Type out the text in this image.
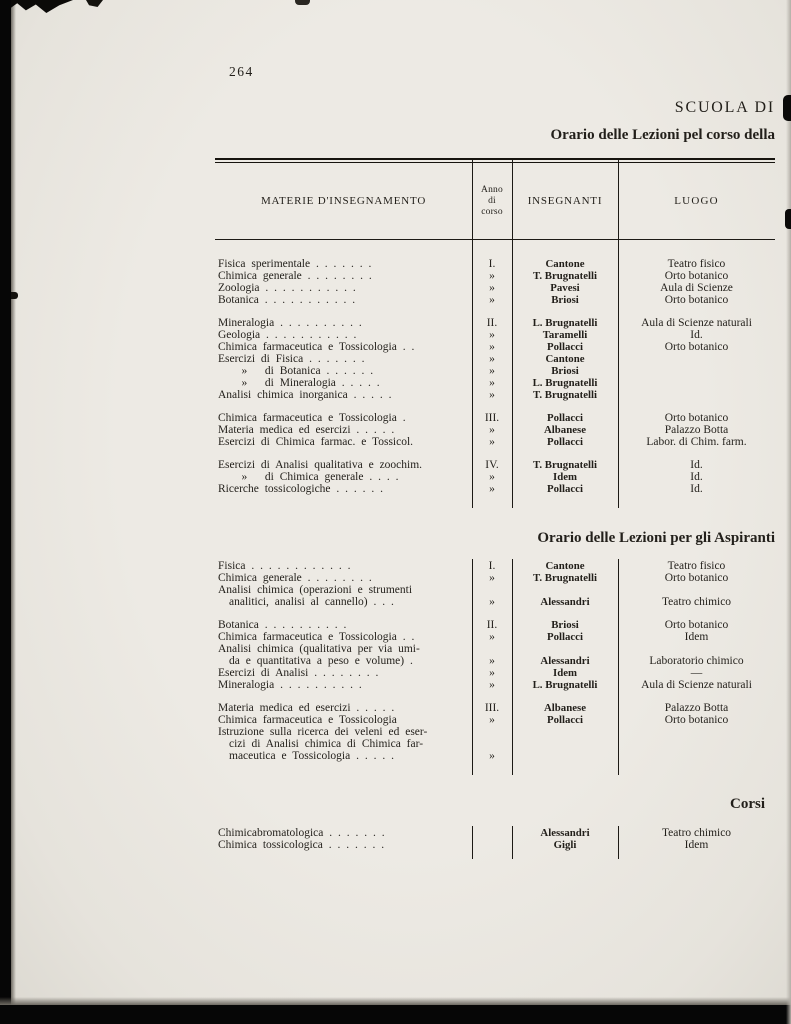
264
SCUOLA DI
Orario delle Lezioni pel corso della
MATERIE D'INSEGNAMENTO
Anno
di
corso
INSEGNANTI	LUOGO
Fisica sperimentale . . . . . . .	I.	Cantone	Teatro fisico
Chimica generale . . . . . . . .	»	T. Brugnatelli	Orto botanico
Zoologia . . . . . . . . . . .	»	Pavesi	Aula di Scienze
Botanica . . . . . . . . . . .	»	Briosi	Orto botanico
Mineralogia . . . . . . . . . .	II.	L. Brugnatelli	Aula di Scienze naturali
Geologia . . . . . . . . . . .	»	Taramelli	Id.
Chimica farmaceutica e Tossicologia . .	»	Pollacci	Orto botanico
Esercizi di Fisica . . . . . . .	»	Cantone
»   di Botanica . . . . . .	»	Briosi
»   di Mineralogia . . . . .	»	L. Brugnatelli
Analisi chimica inorganica . . . . .	»	T. Brugnatelli
Chimica farmaceutica e Tossicologia .	III.	Pollacci	Orto botanico
Materia medica ed esercizi . . . . .	»	Albanese	Palazzo Botta
Esercizi di Chimica farmac. e Tossicol.	»	Pollacci	Labor. di Chim. farm.
Esercizi di Analisi qualitativa e zoochim.	IV.	T. Brugnatelli	Id.
»   di Chimica generale . . . .	»	Idem	Id.
Ricerche tossicologiche . . . . . .	»	Pollacci	Id.
Orario delle Lezioni per gli Aspiranti
Fisica . . . . . . . . . . . .	I.	Cantone	Teatro fisico
Chimica generale . . . . . . . .	»	T. Brugnatelli	Orto botanico
Analisi chimica (operazioni e strumenti
analitici, analisi al cannello) . . .	»	Alessandri	Teatro chimico
Botanica . . . . . . . . . .	II.	Briosi	Orto botanico
Chimica farmaceutica e Tossicologia . .	»	Pollacci	Idem
Analisi chimica (qualitativa per via umi-
da e quantitativa a peso e volume) .	»	Alessandri	Laboratorio chimico
Esercizi di Analisi . . . . . . . .	»	Idem	—
Mineralogia . . . . . . . . . .	»	L. Brugnatelli	Aula di Scienze naturali
Materia medica ed esercizi . . . . .	III.	Albanese	Palazzo Botta
Chimica farmaceutica e Tossicologia	»	Pollacci	Orto botanico
Istruzione sulla ricerca dei veleni ed eser-
cizi di Analisi chimica di Chimica far-
maceutica e Tossicologia . . . . .	»
Corsi
Chimicabromatologica . . . . . . .	Alessandri	Teatro chimico
Chimica tossicologica . . . . . . .	Gigli	Idem
